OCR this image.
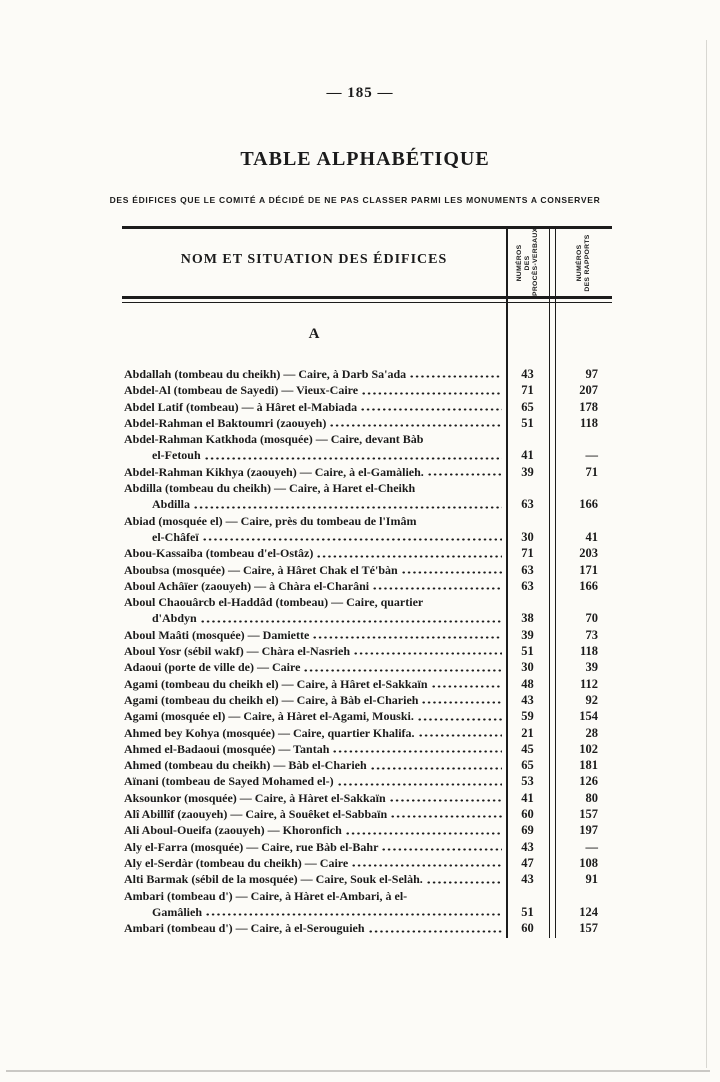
— 185 —
TABLE ALPHABÉTIQUE
DES ÉDIFICES QUE LE COMITÉ A DÉCIDÉ DE NE PAS CLASSER PARMI LES MONUMENTS A CONSERVER
NOM ET SITUATION DES ÉDIFICES	NUMÉROS DES PROCÈS-VERBAUX	NUMÉROS DES RAPPORTS
A
Abdallah (tombeau du cheikh) — Caire, à Darb Sa'ada	43	97
Abdel-Al (tombeau de Sayedi) — Vieux-Caire	71	207
Abdel Latif (tombeau) — à Hâret el-Mabiada	65	178
Abdel-Rahman el Baktoumri (zaouyeh)	51	118
Abdel-Rahman Katkhoda (mosquée) — Caire, devant Bàb
el-Fetouh	41	—
Abdel-Rahman Kikhya (zaouyeh) — Caire, à el-Gamàlieh.	39	71
Abdilla (tombeau du cheikh) — Caire, à Haret el-Cheikh
Abdilla	63	166
Abiad (mosquée el) — Caire, près du tombeau de l'Imâm
el-Châfeï	30	41
Abou-Kassaiba (tombeau d'el-Ostâz)	71	203
Aboubsa (mosquée) — Caire, à Hâret Chak el Té'bàn	63	171
Aboul Achâïer (zaouyeh) — à Chàra el-Charâni	63	166
Aboul Chaouârcb el-Haddâd (tombeau) — Caire, quartier
d'Abdyn	38	70
Aboul Maâti (mosquée) — Damiette	39	73
Aboul Yosr (sébil wakf) — Chàra el-Nasrieh	51	118
Adaoui (porte de ville de) — Caire	30	39
Agami (tombeau du cheikh el) — Caire, à Hâret el-Sakkaïn	48	112
Agami (tombeau du cheikh el) — Caire, à Bàb el-Charieh	43	92
Agami (mosquée el) — Caire, à Hàret el-Agami, Mouski.	59	154
Ahmed bey Kohya (mosquée) — Caire, quartier Khalifa.	21	28
Ahmed el-Badaoui (mosquée) — Tantah	45	102
Ahmed (tombeau du cheikh) — Bàb el-Charieh	65	181
Aïnani (tombeau de Sayed Mohamed el-)	53	126
Aksounkor (mosquée) — Caire, à Hàret el-Sakkaïn	41	80
Alî Abillîf (zaouyeh) — Caire, à Souêket el-Sabbaïn	60	157
Ali Aboul-Oueifa (zaouyeh) — Khoronfich	69	197
Aly el-Farra (mosquée) — Caire, rue Bàb el-Bahr	43	—
Aly el-Serdàr (tombeau du cheikh) — Caire	47	108
Alti Barmak (sébil de la mosquée) — Caire, Souk el-Selàh.	43	91
Ambari (tombeau d') — Caire, à Hàret el-Ambari, à el-
Gamâlieh	51	124
Ambari (tombeau d') — Caire, à el-Serouguieh	60	157
